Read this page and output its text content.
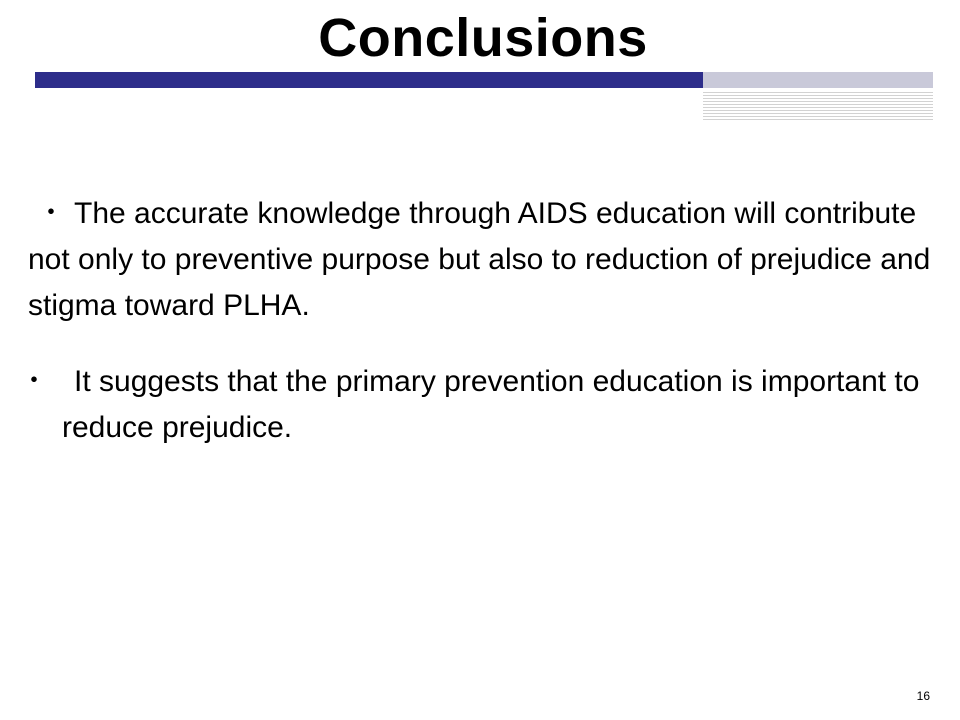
Conclusions

・ The accurate knowledge through AIDS education will contribute not only to preventive purpose but also to reduction of prejudice and stigma toward PLHA.

・ It suggests that the primary prevention education is important to reduce prejudice.

16
